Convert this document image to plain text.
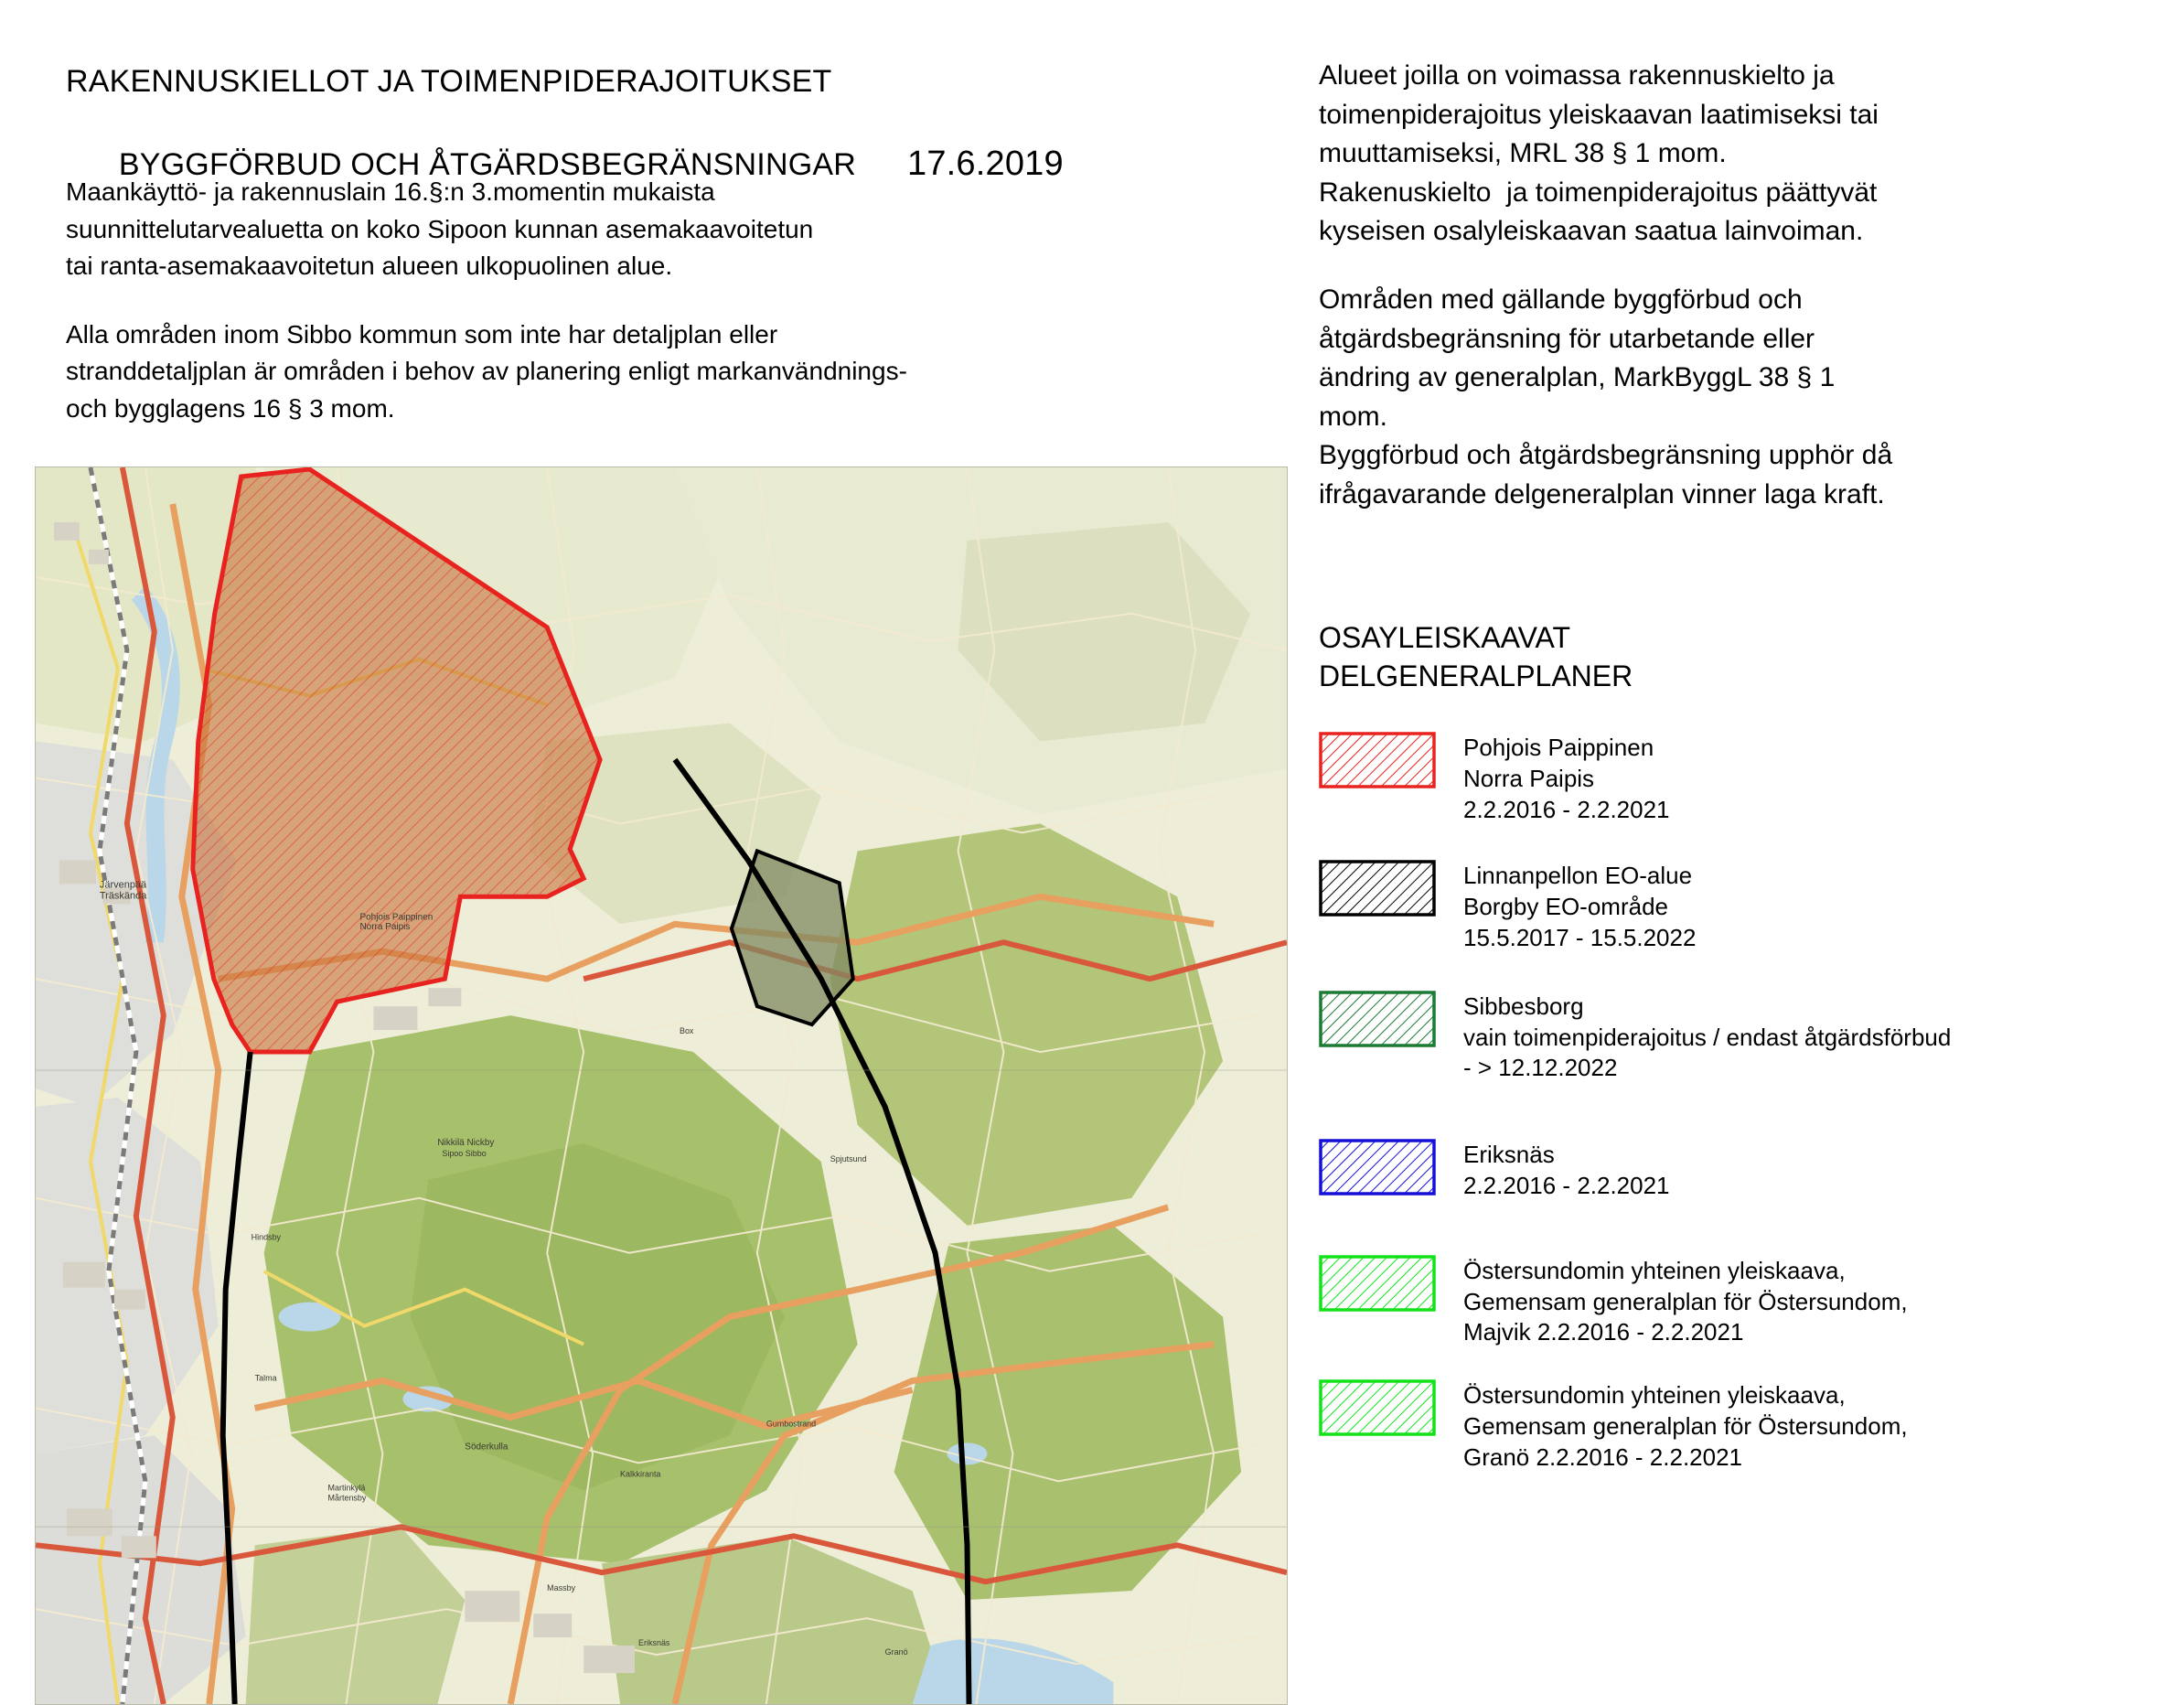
RAKENNUSKIELLOT JA TOIMENPIDERAJOITUKSET

BYGGFÖRBUD OCH ÅTGÄRDSBEGRÄNSNINGAR 17.6.2019

Maankäyttö- ja rakennuslain 16.§:n 3.momentin mukaista
suunnittelutarvealuetta on koko Sipoon kunnan asemakaavoitetun
tai ranta-asemakaavoitetun alueen ulkopuolinen alue.

Alla områden inom Sibbo kommun som inte har detaljplan eller
stranddetaljplan är områden i behov av planering enligt markanvändnings-
och bygglagens 16 § 3 mom.

Järvenpää
Träskända
Pohjois Paippinen
Norra Paipis
Nikkilä Nickby
Sipoo Sibbo
Söderkulla
Kalkkiranta
Hindsby
Talma
Martinkylä
Mårtensby
Box
Gumbostrand
Massby
Spjutsund
Eriksnäs
Granö

Alueet joilla on voimassa rakennuskielto ja
toimenpiderajoitus yleiskaavan laatimiseksi tai
muuttamiseksi, MRL 38 § 1 mom.
Rakenuskielto  ja toimenpiderajoitus päättyvät
kyseisen osalyleiskaavan saatua lainvoiman.

Områden med gällande byggförbud och
åtgärdsbegränsning för utarbetande eller
ändring av generalplan, MarkByggL 38 § 1
mom.
Byggförbud och åtgärdsbegränsning upphör då
ifrågavarande delgeneralplan vinner laga kraft.

OSAYLEISKAAVAT
DELGENERALPLANER
Pohjois Paippinen
Norra Paipis
2.2.2016 - 2.2.2021
Linnanpellon EO-alue
Borgby EO-område
15.5.2017 - 15.5.2022
Sibbesborg
vain toimenpiderajoitus / endast åtgärdsförbud
- > 12.12.2022
Eriksnäs
2.2.2016 - 2.2.2021
Östersundomin yhteinen yleiskaava,
Gemensam generalplan för Östersundom,
Majvik 2.2.2016 - 2.2.2021
Östersundomin yhteinen yleiskaava,
Gemensam generalplan för Östersundom,
Granö 2.2.2016 - 2.2.2021
